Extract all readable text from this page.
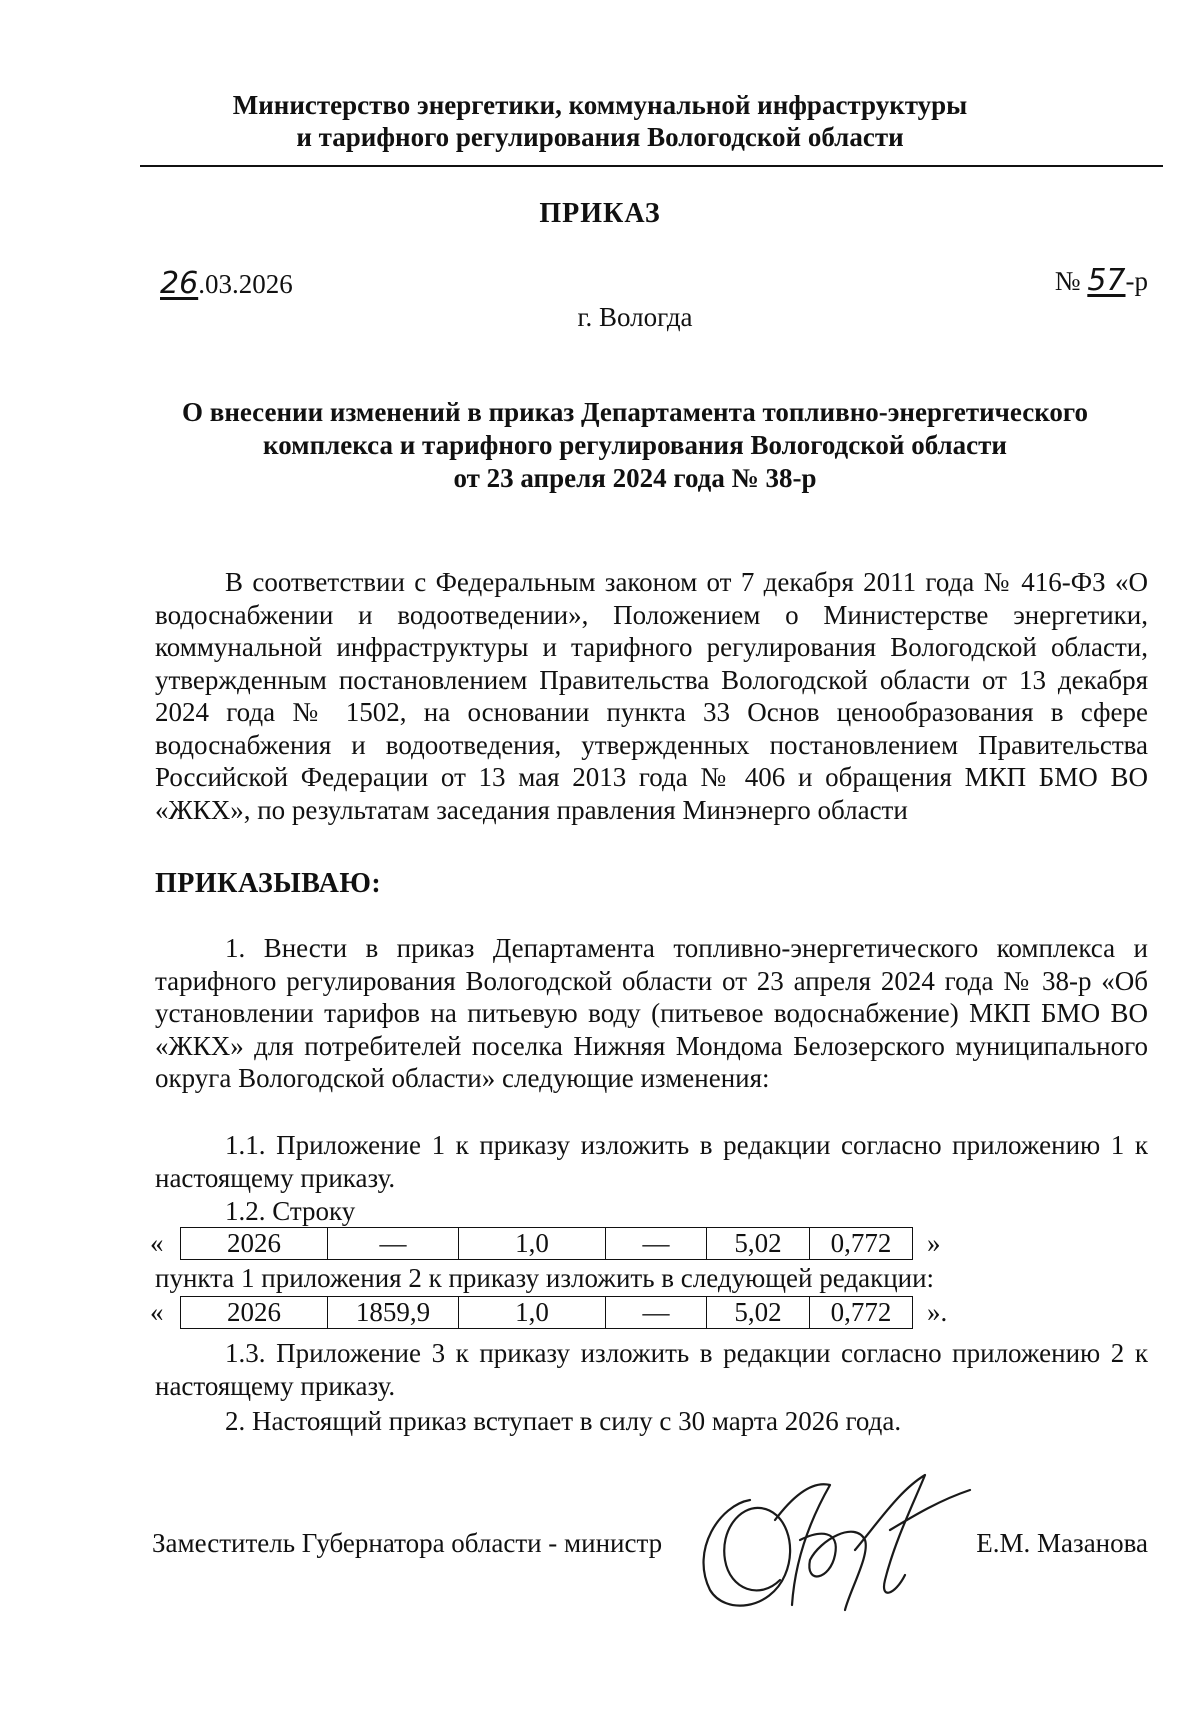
Министерство энергетики, коммунальной инфраструктуры
и тарифного регулирования Вологодской области
ПРИКАЗ
26.03.2026	№ 57-р
г. Вологда
О внесении изменений в приказ Департамента топливно-энергетического
комплекса и тарифного регулирования Вологодской области
от 23 апреля 2024 года № 38-р
В соответствии с Федеральным законом от 7 декабря 2011 года № 416-ФЗ «О водоснабжении и водоотведении», Положением о Министерстве энергетики, коммунальной инфраструктуры и тарифного регулирования Вологодской области, утвержденным постановлением Правительства Вологодской области от 13 декабря 2024 года № 1502, на основании пункта 33 Основ ценообразования в сфере водоснабжения и водоотведения, утвержденных постановлением Правительства Российской Федерации от 13 мая 2013 года № 406 и обращения МКП БМО ВО «ЖКХ», по результатам заседания правления Минэнерго области
ПРИКАЗЫВАЮ:
1. Внести в приказ Департамента топливно-энергетического комплекса и тарифного регулирования Вологодской области от 23 апреля 2024 года № 38-р «Об установлении тарифов на питьевую воду (питьевое водоснабжение) МКП БМО ВО «ЖКХ» для потребителей поселка Нижняя Мондома Белозерского муниципального округа Вологодской области» следующие изменения:
1.1. Приложение 1 к приказу изложить в редакции согласно приложению 1 к настоящему приказу.
1.2. Строку
«	2026	—	1,0	—	5,02	0,772 »
пункта 1 приложения 2 к приказу изложить в следующей редакции:
«	2026	1859,9	1,0	—	5,02	0,772 ».
1.3. Приложение 3 к приказу изложить в редакции согласно приложению 2 к настоящему приказу.
2. Настоящий приказ вступает в силу с 30 марта 2026 года.
Заместитель Губернатора области - министр	Е.М. Мазанова
